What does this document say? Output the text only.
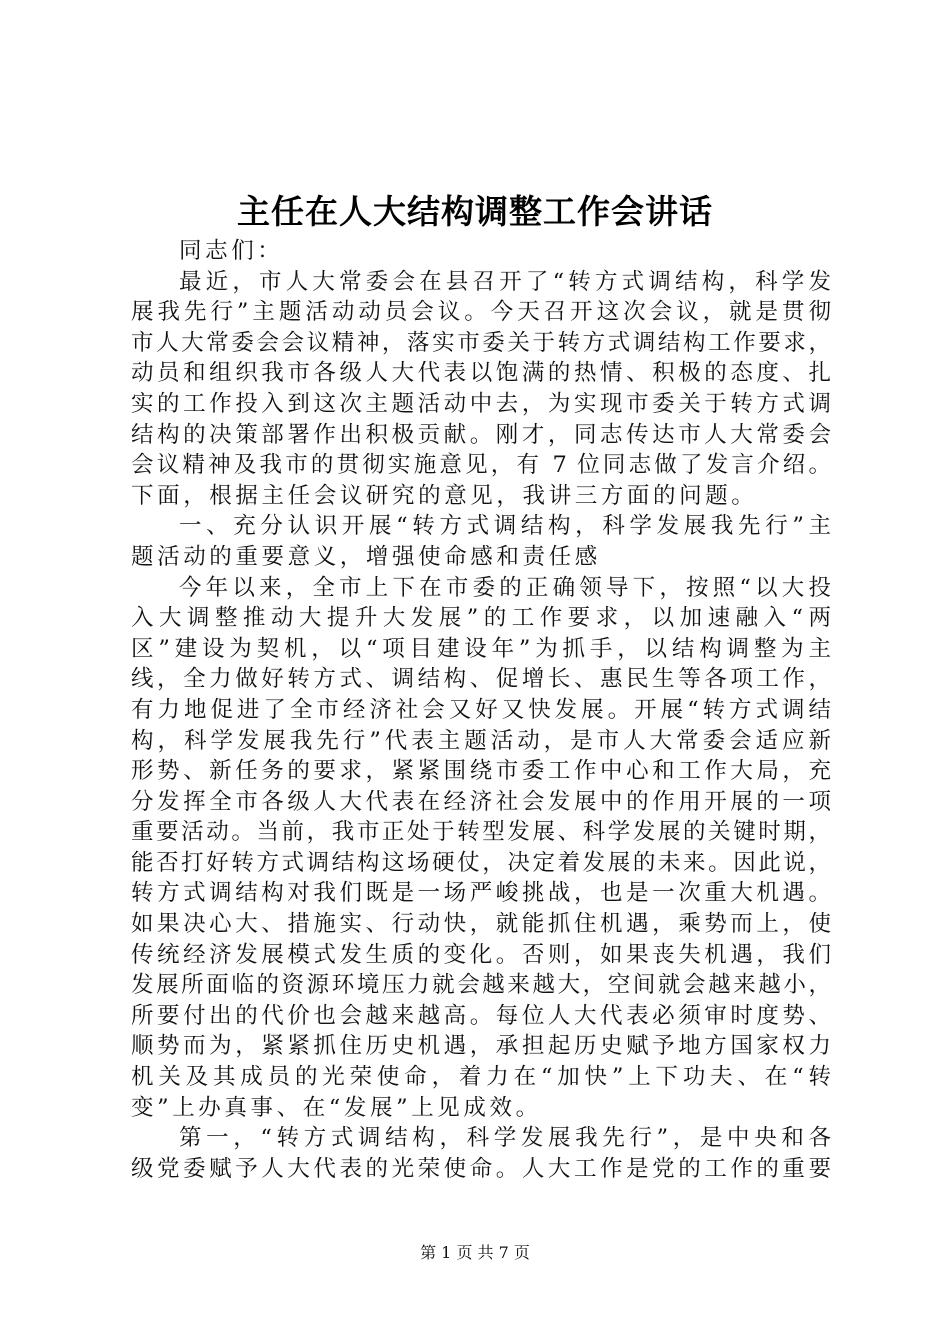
主任在人大结构调整工作会讲话
同志们：
最近，市人大常委会在县召开了“转方式调结构，科学发
展我先行”主题活动动员会议。今天召开这次会议，就是贯彻
市人大常委会会议精神，落实市委关于转方式调结构工作要求，
动员和组织我市各级人大代表以饱满的热情、积极的态度、扎
实的工作投入到这次主题活动中去，为实现市委关于转方式调
结构的决策部署作出积极贡献。刚才，同志传达市人大常委会
会议精神及我市的贯彻实施意见，有 7 位同志做了发言介绍。
下面，根据主任会议研究的意见，我讲三方面的问题。
一、充分认识开展“转方式调结构，科学发展我先行”主
题活动的重要意义，增强使命感和责任感
今年以来，全市上下在市委的正确领导下，按照“以大投
入大调整推动大提升大发展”的工作要求，以加速融入“两
区”建设为契机，以“项目建设年”为抓手，以结构调整为主
线，全力做好转方式、调结构、促增长、惠民生等各项工作，
有力地促进了全市经济社会又好又快发展。开展“转方式调结
构，科学发展我先行”代表主题活动，是市人大常委会适应新
形势、新任务的要求，紧紧围绕市委工作中心和工作大局，充
分发挥全市各级人大代表在经济社会发展中的作用开展的一项
重要活动。当前，我市正处于转型发展、科学发展的关键时期，
能否打好转方式调结构这场硬仗，决定着发展的未来。因此说，
转方式调结构对我们既是一场严峻挑战，也是一次重大机遇。
如果决心大、措施实、行动快，就能抓住机遇，乘势而上，使
传统经济发展模式发生质的变化。否则，如果丧失机遇，我们
发展所面临的资源环境压力就会越来越大，空间就会越来越小，
所要付出的代价也会越来越高。每位人大代表必须审时度势、
顺势而为，紧紧抓住历史机遇，承担起历史赋予地方国家权力
机关及其成员的光荣使命，着力在“加快”上下功夫、在“转
变”上办真事、在“发展”上见成效。
第一，“转方式调结构，科学发展我先行”，是中央和各
级党委赋予人大代表的光荣使命。人大工作是党的工作的重要
第 1 页 共 7 页
